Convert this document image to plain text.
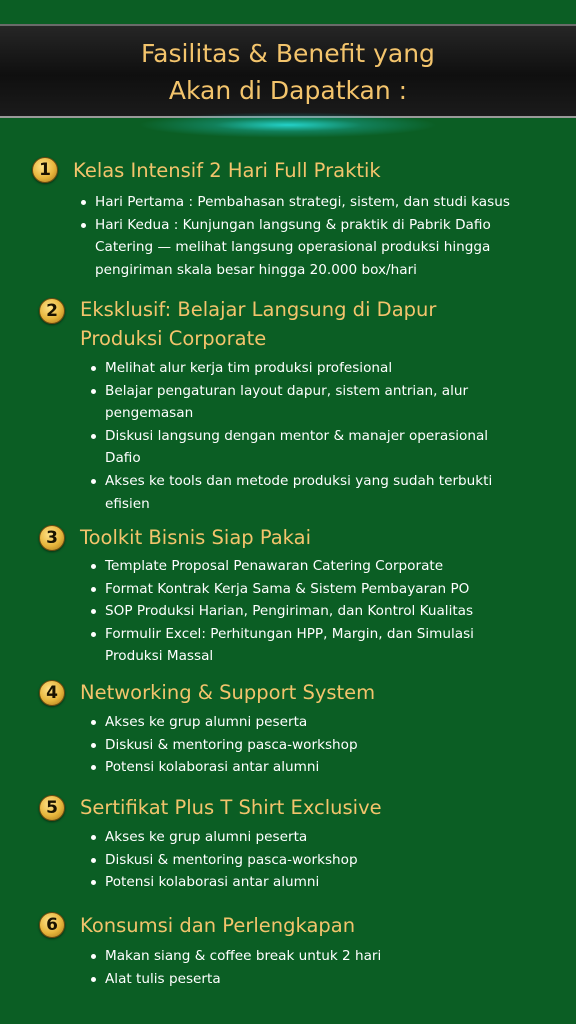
Fasilitas & Benefit yang
Akan di Dapatkan :
1	Kelas Intensif 2 Hari Full Praktik
Hari Pertama : Pembahasan strategi, sistem, dan studi kasus
Hari Kedua : Kunjungan langsung & praktik di Pabrik Dafio Catering — melihat langsung operasional produksi hingga pengiriman skala besar hingga 20.000 box/hari
2	Eksklusif: Belajar Langsung di Dapur
Produksi Corporate
Melihat alur kerja tim produksi profesional
Belajar pengaturan layout dapur, sistem antrian, alur pengemasan
Diskusi langsung dengan mentor & manajer operasional Dafio
Akses ke tools dan metode produksi yang sudah terbukti efisien
3	Toolkit Bisnis Siap Pakai
Template Proposal Penawaran Catering Corporate
Format Kontrak Kerja Sama & Sistem Pembayaran PO
SOP Produksi Harian, Pengiriman, dan Kontrol Kualitas
Formulir Excel: Perhitungan HPP, Margin, dan Simulasi Produksi Massal
4	Networking & Support System
Akses ke grup alumni peserta
Diskusi & mentoring pasca-workshop
Potensi kolaborasi antar alumni
5	Sertifikat Plus T Shirt Exclusive
Akses ke grup alumni peserta
Diskusi & mentoring pasca-workshop
Potensi kolaborasi antar alumni
6	Konsumsi dan Perlengkapan
Makan siang & coffee break untuk 2 hari
Alat tulis peserta
